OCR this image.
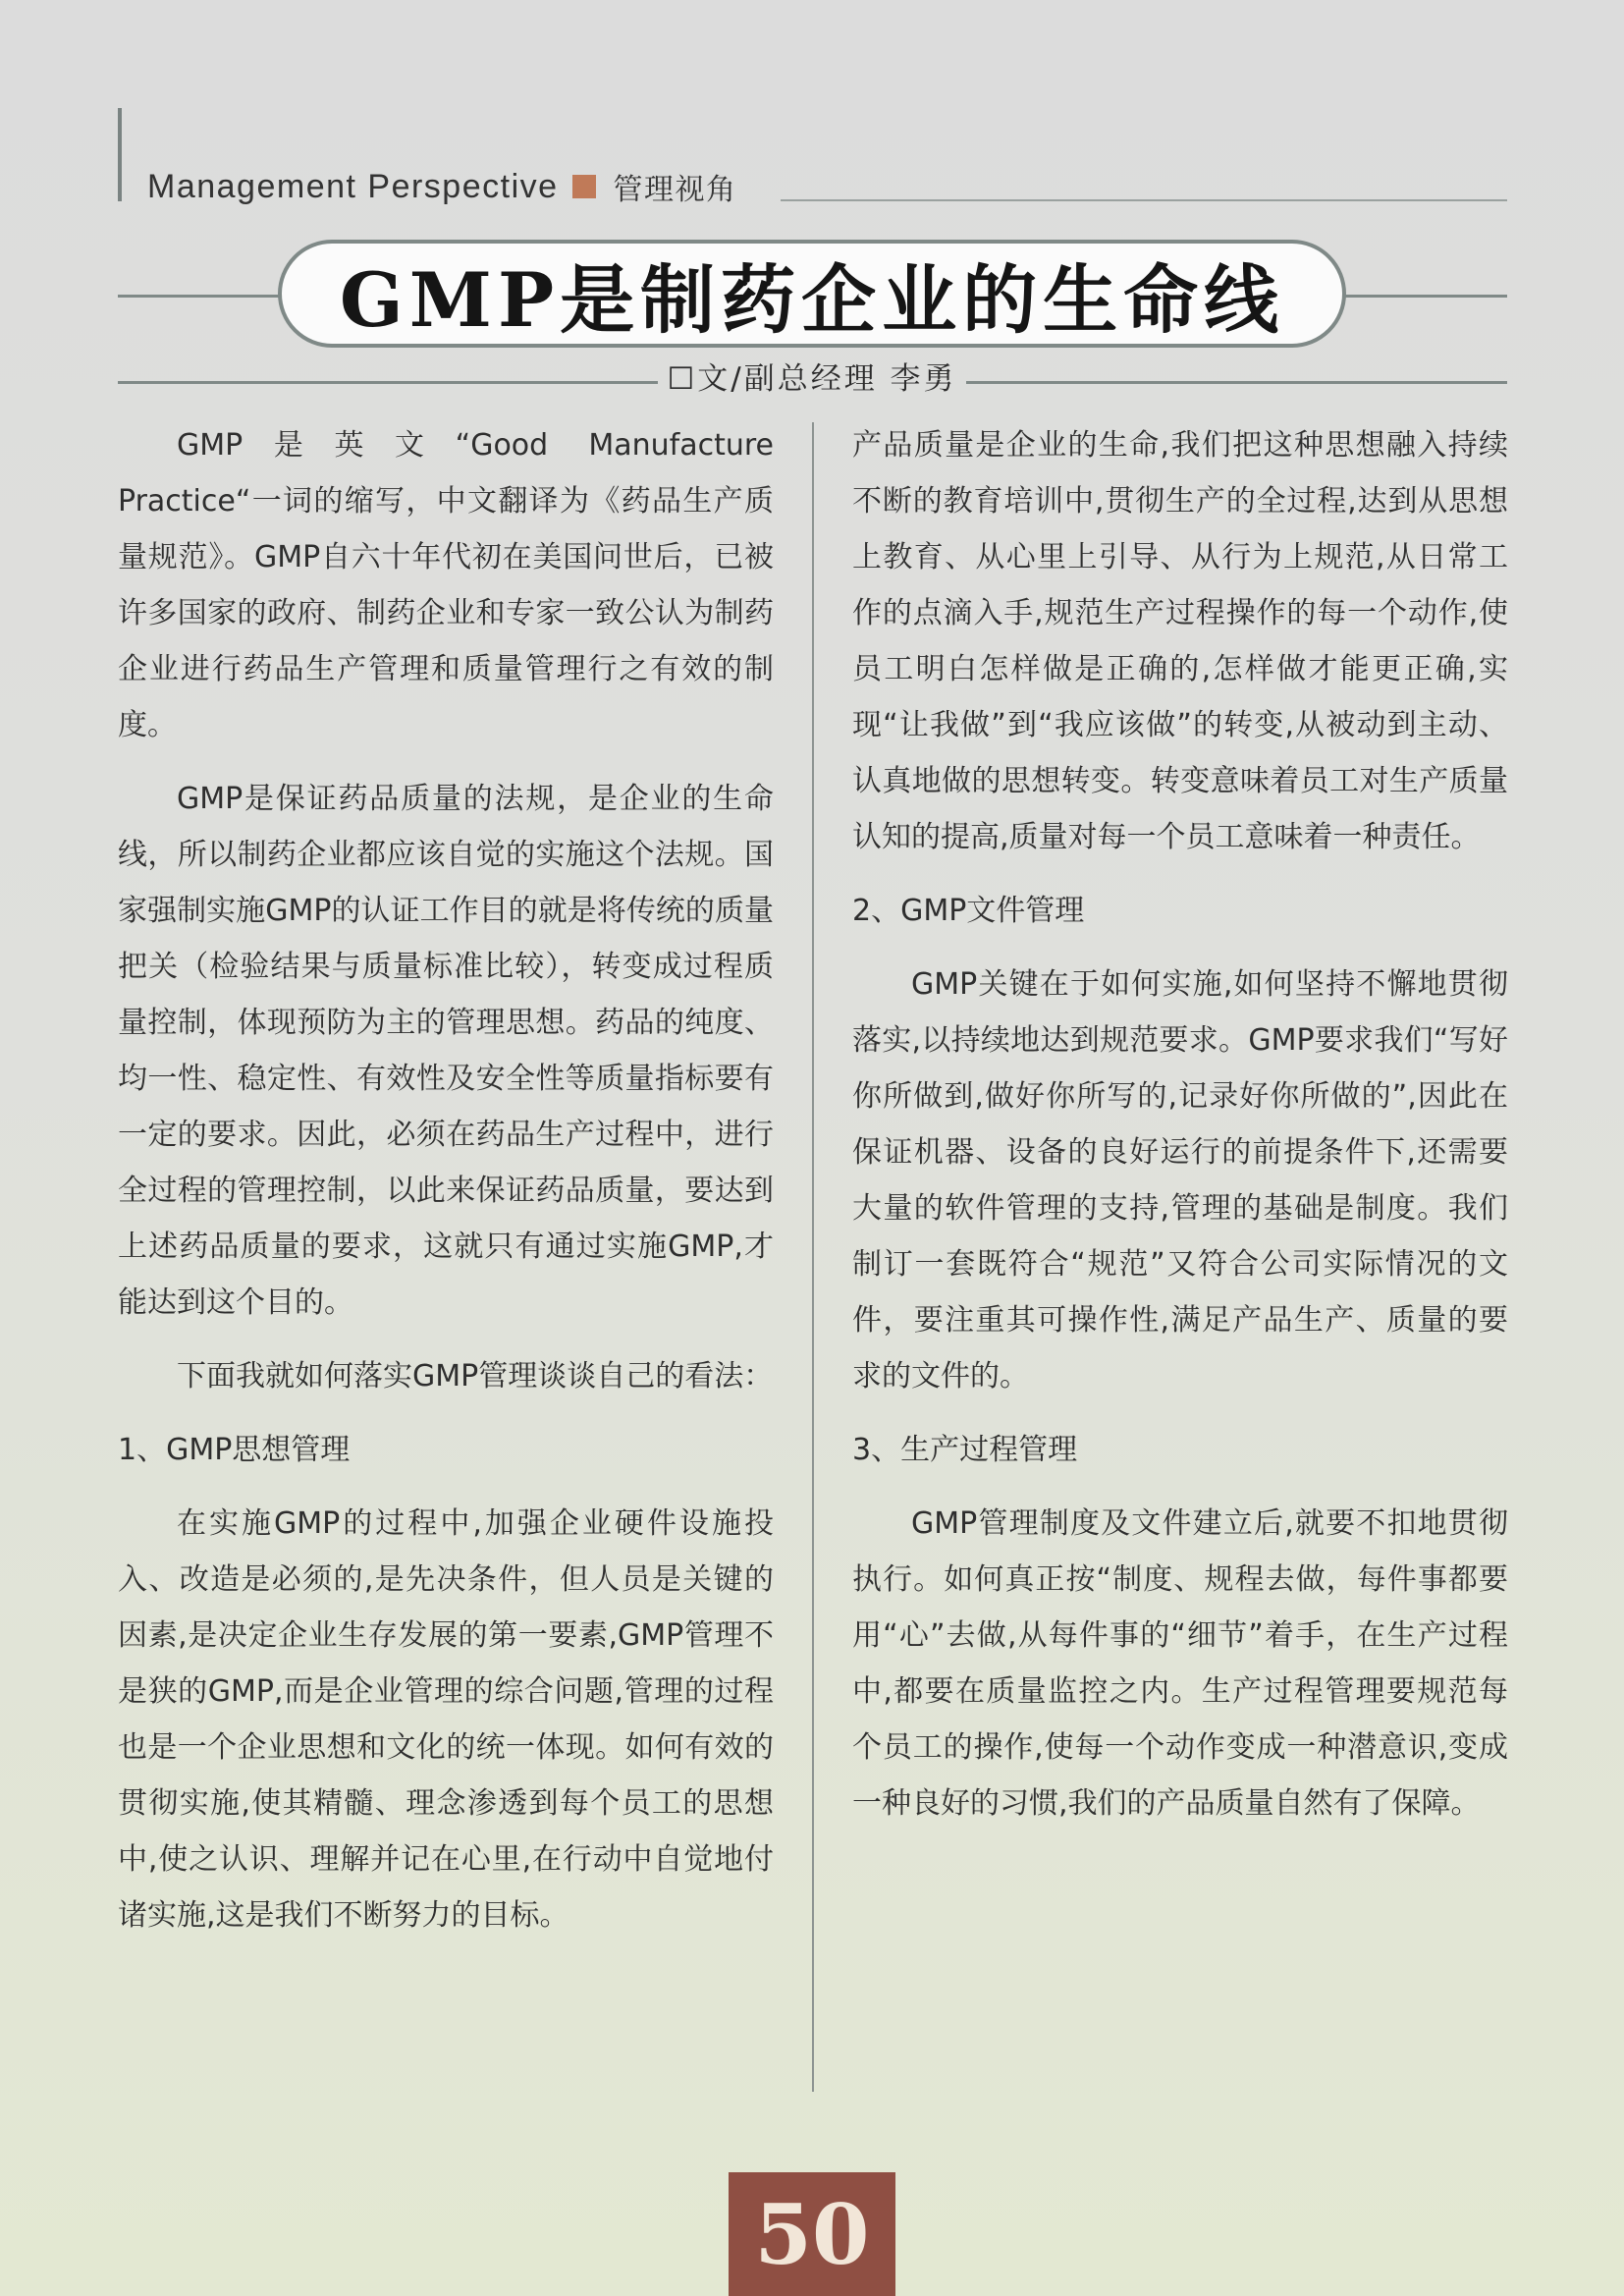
Management Perspective 管理视角
GMP是制药企业的生命线
☐文/副总经理 李勇

GMP是英文“Good Manufacture Practice“一词的缩写，中文翻译为《药品生产质量规范》。GMP自六十年代初在美国问世后，已被许多国家的政府、制药企业和专家一致公认为制药企业进行药品生产管理和质量管理行之有效的制度。

GMP是保证药品质量的法规，是企业的生命线，所以制药企业都应该自觉的实施这个法规。国家强制实施GMP的认证工作目的就是将传统的质量把关（检验结果与质量标准比较），转变成过程质量控制，体现预防为主的管理思想。药品的纯度、均一性、稳定性、有效性及安全性等质量指标要有一定的要求。因此，必须在药品生产过程中，进行全过程的管理控制，以此来保证药品质量，要达到上述药品质量的要求，这就只有通过实施GMP,才能达到这个目的。

下面我就如何落实GMP管理谈谈自己的看法：

1、GMP思想管理

在实施GMP的过程中,加强企业硬件设施投入、改造是必须的,是先决条件，但人员是关键的因素,是决定企业生存发展的第一要素,GMP管理不是狭的GMP,而是企业管理的综合问题,管理的过程也是一个企业思想和文化的统一体现。如何有效的贯彻实施,使其精髓、理念渗透到每个员工的思想中,使之认识、理解并记在心里,在行动中自觉地付诸实施,这是我们不断努力的目标。

产品质量是企业的生命,我们把这种思想融入持续不断的教育培训中,贯彻生产的全过程,达到从思想上教育、从心里上引导、从行为上规范,从日常工作的点滴入手,规范生产过程操作的每一个动作,使员工明白怎样做是正确的,怎样做才能更正确,实现“让我做”到“我应该做”的转变,从被动到主动、认真地做的思想转变。转变意味着员工对生产质量认知的提高,质量对每一个员工意味着一种责任。

2、GMP文件管理

GMP关键在于如何实施,如何坚持不懈地贯彻落实,以持续地达到规范要求。GMP要求我们“写好你所做到,做好你所写的,记录好你所做的”,因此在保证机器、设备的良好运行的前提条件下,还需要大量的软件管理的支持,管理的基础是制度。我们制订一套既符合“规范”又符合公司实际情况的文件，要注重其可操作性,满足产品生产、质量的要求的文件的。

3、生产过程管理

GMP管理制度及文件建立后,就要不扣地贯彻执行。如何真正按“制度、规程去做，每件事都要用“心”去做,从每件事的“细节”着手，在生产过程中,都要在质量监控之内。生产过程管理要规范每个员工的操作,使每一个动作变成一种潜意识,变成一种良好的习惯,我们的产品质量自然有了保障。

50
